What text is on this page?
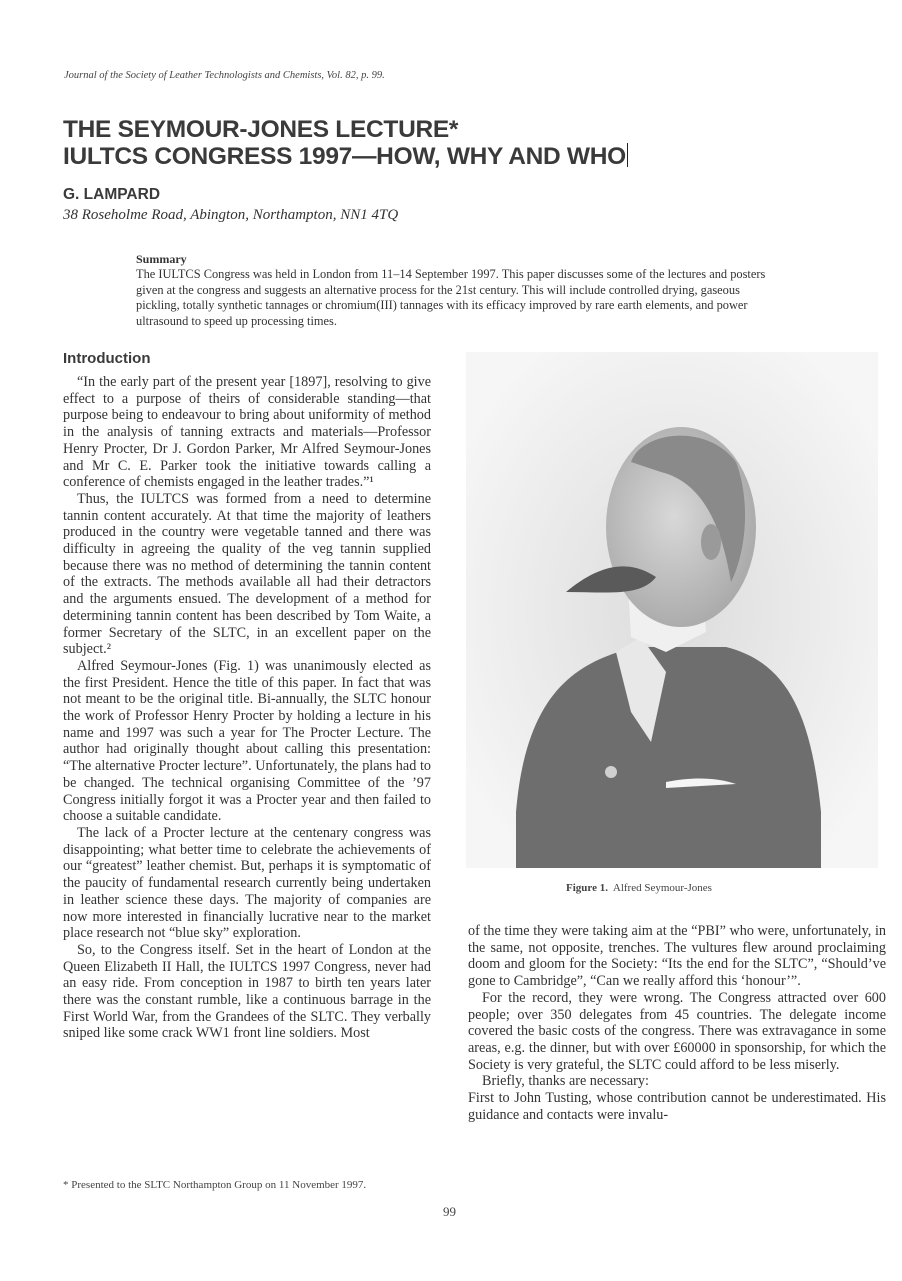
Journal of the Society of Leather Technologists and Chemists, Vol. 82, p. 99.
THE SEYMOUR-JONES LECTURE*
IULTCS CONGRESS 1997—HOW, WHY AND WHO
G. LAMPARD
38 Roseholme Road, Abington, Northampton, NN1 4TQ
Summary
The IULTCS Congress was held in London from 11–14 September 1997. This paper discusses some of the lectures and posters given at the congress and suggests an alternative process for the 21st century. This will include controlled drying, gaseous pickling, totally synthetic tannages or chromium(III) tannages with its efficacy improved by rare earth elements, and power ultrasound to speed up processing times.
Introduction

“In the early part of the present year [1897], resolving to give effect to a purpose of theirs of considerable standing—that purpose being to endeavour to bring about uniformity of method in the analysis of tanning extracts and materials—Professor Henry Procter, Dr J. Gordon Parker, Mr Alfred Seymour-Jones and Mr C. E. Parker took the initiative towards calling a conference of chemists engaged in the leather trades.”¹

Thus, the IULTCS was formed from a need to determine tannin content accurately. At that time the majority of leathers produced in the country were vegetable tanned and there was difficulty in agreeing the quality of the veg tannin supplied because there was no method of determining the tannin content of the extracts. The methods available all had their detractors and the arguments ensued. The development of a method for determining tannin content has been described by Tom Waite, a former Secretary of the SLTC, in an excellent paper on the subject.²

Alfred Seymour-Jones (Fig. 1) was unanimously elected as the first President. Hence the title of this paper. In fact that was not meant to be the original title. Bi-annually, the SLTC honour the work of Professor Henry Procter by holding a lecture in his name and 1997 was such a year for The Procter Lecture. The author had originally thought about calling this presentation: “The alternative Procter lecture”. Unfortunately, the plans had to be changed. The technical organising Committee of the ’97 Congress initially forgot it was a Procter year and then failed to choose a suitable candidate.

The lack of a Procter lecture at the centenary congress was disappointing; what better time to celebrate the achievements of our “greatest” leather chemist. But, perhaps it is symptomatic of the paucity of fundamental research currently being undertaken in leather science these days. The majority of companies are now more interested in financially lucrative near to the market place research not “blue sky” exploration.

So, to the Congress itself. Set in the heart of London at the Queen Elizabeth II Hall, the IULTCS 1997 Congress, never had an easy ride. From conception in 1987 to birth ten years later there was the constant rumble, like a continuous barrage in the First World War, from the Grandees of the SLTC. They verbally sniped like some crack WW1 front line soldiers. Most

Figure 1. Alfred Seymour-Jones

of the time they were taking aim at the “PBI” who were, unfortunately, in the same, not opposite, trenches. The vultures flew around proclaiming doom and gloom for the Society: “Its the end for the SLTC”, “Should’ve gone to Cambridge”, “Can we really afford this ‘honour’”.

For the record, they were wrong. The Congress attracted over 600 people; over 350 delegates from 45 countries. The delegate income covered the basic costs of the congress. There was extravagance in some areas, e.g. the dinner, but with over £60000 in sponsorship, for which the Society is very grateful, the SLTC could afford to be less miserly.

Briefly, thanks are necessary:

First to John Tusting, whose contribution cannot be underestimated. His guidance and contacts were invalu-

* Presented to the SLTC Northampton Group on 11 November 1997.
99
